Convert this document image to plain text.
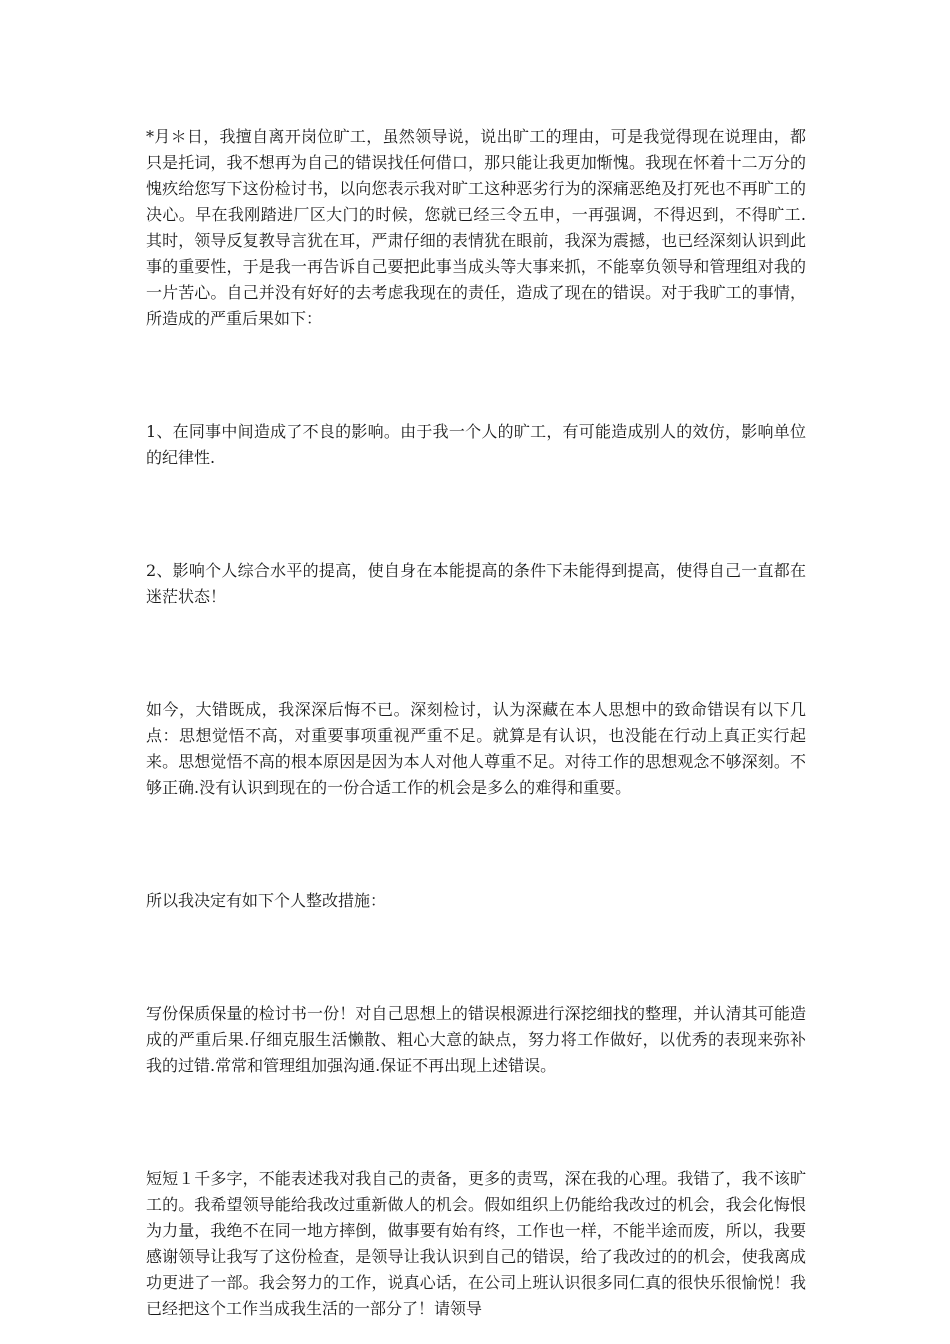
*月＊日，我擅自离开岗位旷工，虽然领导说，说出旷工的理由，可是我觉得现在说理由，都只是托词，我不想再为自己的错误找任何借口，那只能让我更加惭愧。我现在怀着十二万分的愧疚给您写下这份检讨书，以向您表示我对旷工这种恶劣行为的深痛恶绝及打死也不再旷工的决心。早在我刚踏进厂区大门的时候，您就已经三令五申，一再强调，不得迟到，不得旷工.其时，领导反复教导言犹在耳，严肃仔细的表情犹在眼前，我深为震撼，也已经深刻认识到此事的重要性，于是我一再告诉自己要把此事当成头等大事来抓，不能辜负领导和管理组对我的一片苦心。自己并没有好好的去考虑我现在的责任，造成了现在的错误。对于我旷工的事情，所造成的严重后果如下：

1、在同事中间造成了不良的影响。由于我一个人的旷工，有可能造成别人的效仿，影响单位的纪律性.

2、影响个人综合水平的提高，使自身在本能提高的条件下未能得到提高，使得自己一直都在迷茫状态！

如今，大错既成，我深深后悔不已。深刻检讨，认为深藏在本人思想中的致命错误有以下几点：思想觉悟不高，对重要事项重视严重不足。就算是有认识，也没能在行动上真正实行起来。思想觉悟不高的根本原因是因为本人对他人尊重不足。对待工作的思想观念不够深刻。不够正确.没有认识到现在的一份合适工作的机会是多么的难得和重要。

所以我决定有如下个人整改措施：

写份保质保量的检讨书一份！对自己思想上的错误根源进行深挖细找的整理，并认清其可能造成的严重后果.仔细克服生活懒散、粗心大意的缺点，努力将工作做好，以优秀的表现来弥补我的过错.常常和管理组加强沟通.保证不再出现上述错误。

短短１千多字，不能表述我对我自己的责备，更多的责骂，深在我的心理。我错了，我不该旷工的。我希望领导能给我改过重新做人的机会。假如组织上仍能给我改过的机会，我会化悔恨为力量，我绝不在同一地方摔倒，做事要有始有终，工作也一样，不能半途而废，所以，我要感谢领导让我写了这份检查，是领导让我认识到自己的错误，给了我改过的的机会，使我离成功更进了一部。我会努力的工作，说真心话，在公司上班认识很多同仁真的很快乐很愉悦！我已经把这个工作当成我生活的一部分了！请领导
